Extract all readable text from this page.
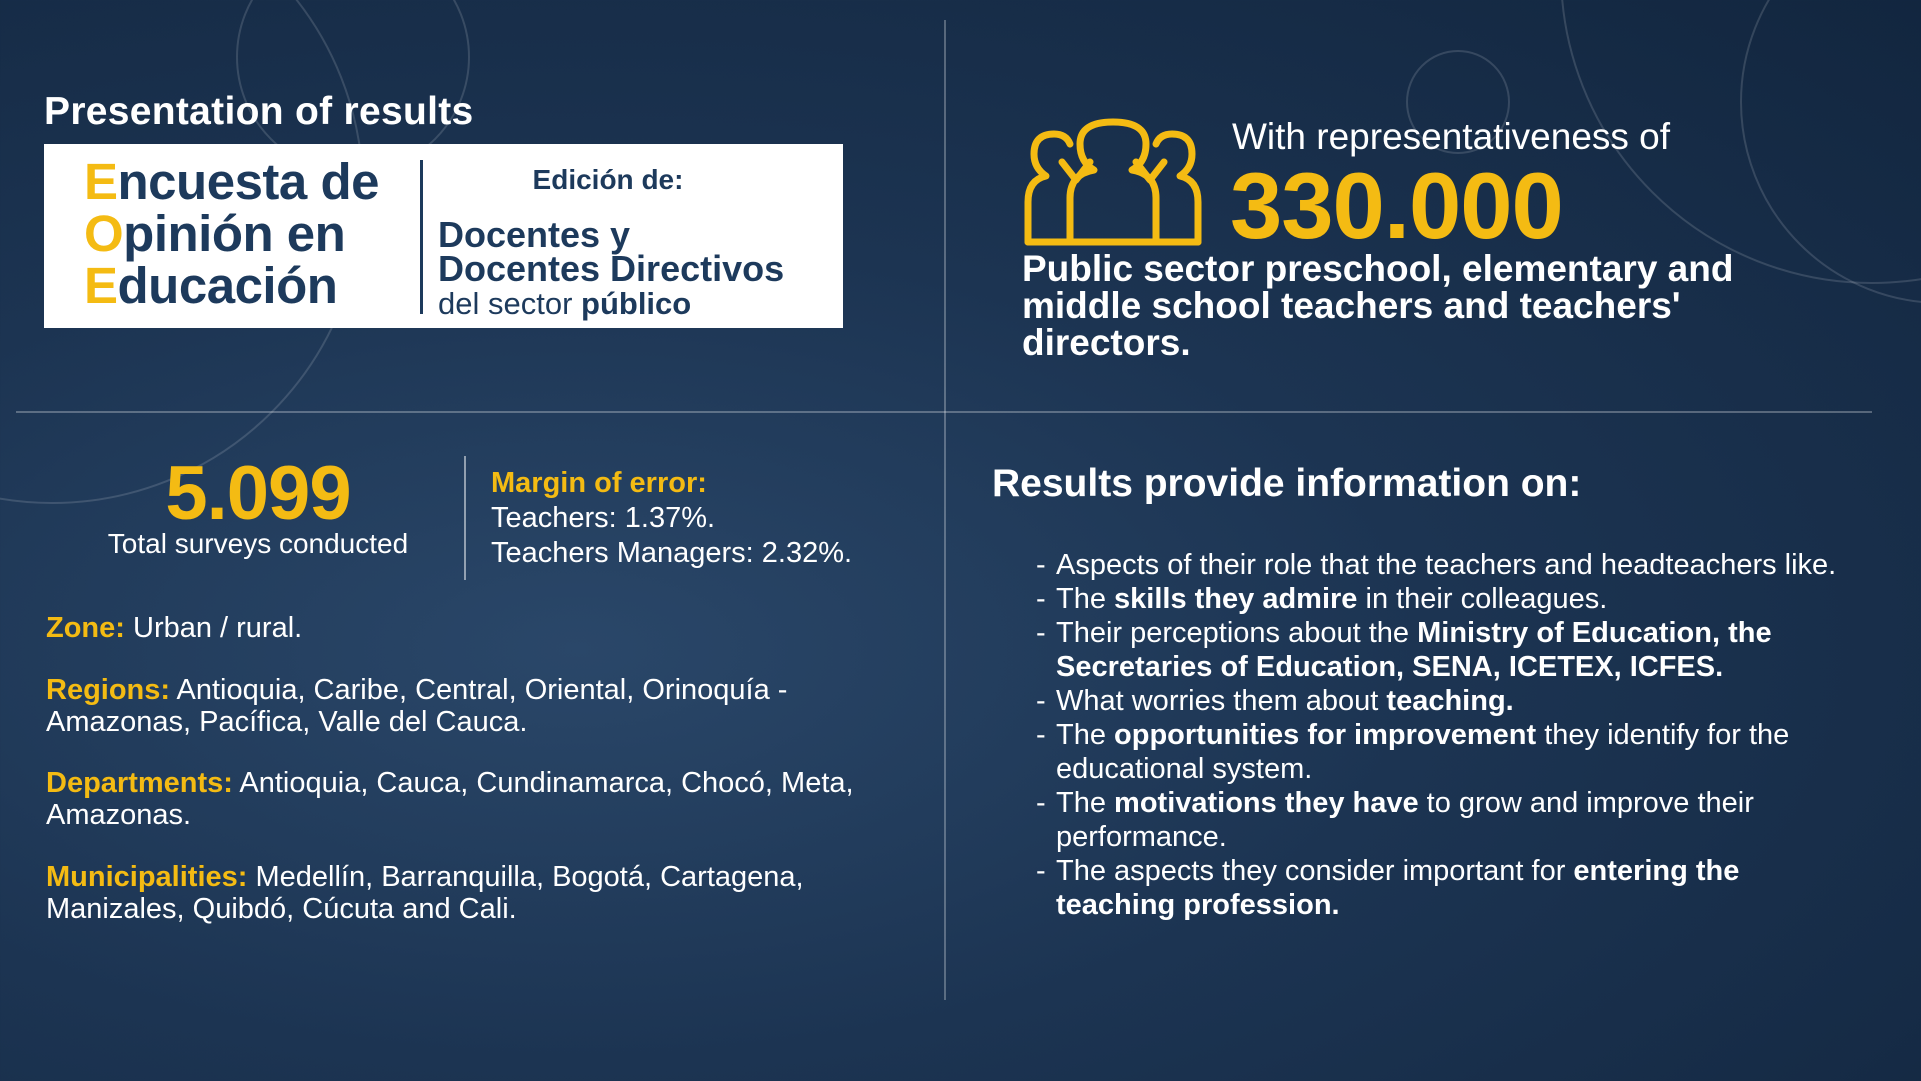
Presentation of results
Encuesta de
Opinión en
Educación
Edición de:
Docentes y
Docentes Directivos
del sector público
With representativeness of
330.000
Public sector preschool, elementary and middle school teachers and teachers' directors.
5.099
Total surveys conducted
Margin of error:
Teachers: 1.37%.
Teachers Managers: 2.32%.
Zone: Urban / rural.
Regions: Antioquia, Caribe, Central, Oriental, Orinoquía - Amazonas, Pacífica, Valle del Cauca.
Departments: Antioquia, Cauca, Cundinamarca, Chocó, Meta, Amazonas.
Municipalities: Medellín, Barranquilla, Bogotá, Cartagena, Manizales, Quibdó, Cúcuta and Cali.
Results provide information on:
- Aspects of their role that the teachers and headteachers like.
- The skills they admire in their colleagues.
- Their perceptions about the Ministry of Education, the Secretaries of Education, SENA, ICETEX, ICFES.
- What worries them about teaching.
- The opportunities for improvement they identify for the educational system.
- The motivations they have to grow and improve their performance.
- The aspects they consider important for entering the teaching profession.
